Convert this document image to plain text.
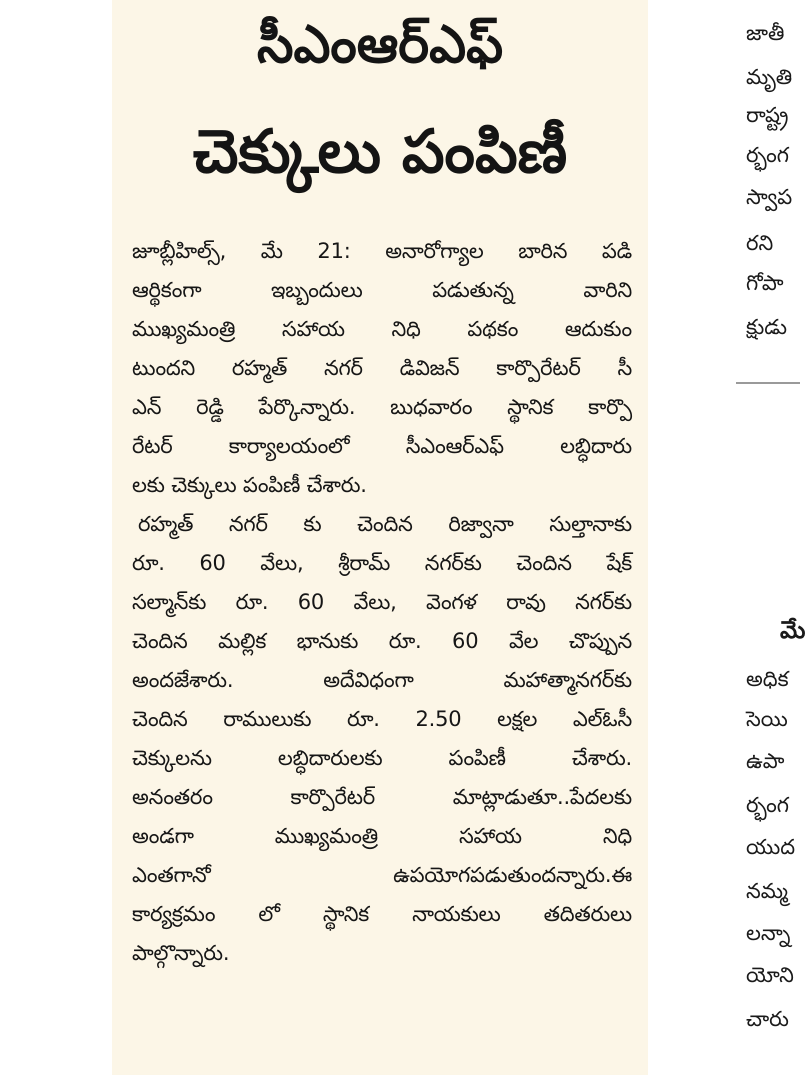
సీఎంఆర్ఎఫ్
చెక్కులు పంపిణీ
జూబ్లీహిల్స్, మే 21: అనారోగ్యాల బారిన పడి
ఆర్థికంగా ఇబ్బందులు పడుతున్న వారిని
ముఖ్యమంత్రి సహాయ నిధి పథకం ఆదుకుం
టుందని రహ్మత్ నగర్ డివిజన్ కార్పొరేటర్ సీ
ఎన్ రెడ్డి పేర్కొన్నారు. బుధవారం స్థానిక కార్పొ
రేటర్ కార్యాలయంలో సీఎంఆర్ఎఫ్ లబ్ధిదారు
లకు చెక్కులు పంపిణీ చేశారు.
రహ్మత్ నగర్ కు చెందిన రిజ్వానా సుల్తానాకు
రూ. 60 వేలు, శ్రీరామ్ నగర్‌కు చెందిన షేక్
సల్మాన్‌కు రూ. 60 వేలు, వెంగళ రావు నగర్‌కు
చెందిన మల్లిక భానుకు రూ. 60 వేల చొప్పున
అందజేశారు. అదేవిధంగా మహాత్మానగర్‌కు
చెందిన రాములుకు రూ. 2.50 లక్షల ఎల్ఓసీ
చెక్కులను లబ్ధిదారులకు పంపిణీ చేశారు.
అనంతరం కార్పొరేటర్ మాట్లాడుతూ..పేదలకు
అండగా ముఖ్యమంత్రి సహాయ నిధి
ఎంతగానో ఉపయోగపడుతుందన్నారు.ఈ
కార్యక్రమం లో స్థానిక నాయకులు తదితరులు
పాల్గొన్నారు.
జాతీ
మృతి
రాష్ట్ర
ర్భంగ
స్వాప
రని
గోపా
క్షుడు
మే
అధిక
సెయి
ఉపా
ర్భంగ
యుద
నమ్మ
లన్నా
యోని
చారు
